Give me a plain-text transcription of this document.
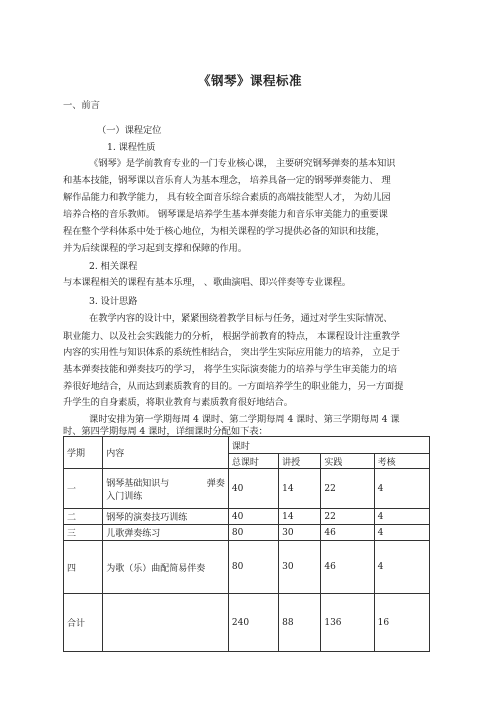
《钢琴》课程标准
一、前言
（一）课程定位
1. 课程性质
《钢琴》是学前教育专业的一门专业核心课， 主要研究钢琴弹奏的基本知识
和基本技能，钢琴课以音乐育人为基本理念， 培养具备一定的钢琴弹奏能力、 理
解作品能力和教学能力， 具有较全面音乐综合素质的高端技能型人才， 为幼儿园
培养合格的音乐教师。 钢琴课是培养学生基本弹奏能力和音乐审美能力的重要课
程在整个学科体系中处于核心地位，为相关课程的学习提供必备的知识和技能，
并为后续课程的学习起到支撑和保障的作用。
2. 相关课程
与本课程相关的课程有基本乐理， 、歌曲演唱、即兴伴奏等专业课程。
3. 设计思路
在教学内容的设计中，紧紧围绕着教学目标与任务，通过对学生实际情况、
职业能力、以及社会实践能力的分析， 根据学前教育的特点， 本课程设计注重教学
内容的实用性与知识体系的系统性相结合， 突出学生实际应用能力的培养， 立足于
基本弹奏技能和弹奏技巧的学习， 将学生实际演奏能力的培养与学生审美能力的培
养很好地结合，从而达到素质教育的目的。一方面培养学生的职业能力，另一方面提
学期	内容	课时			
		总课时	讲授	实践	考核
一	钢琴基础知识与 弹奏
入门训练	40	14	22	4
二	钢琴的演奏技巧训练	40	14	22	4
三	儿歌弹奏练习	80	30	46	4
四	为歌（乐）曲配简易伴奏	80	30	46	4
合计		240	88	136	16
升学生的自身素质，将职业教育与素质教育很好地结合。
课时安排为第一学期每周 4 课时、第二学期每周 4 课时、第三学期每周 4 课
时、第四学期每周 4 课时，详细课时分配如下表：
